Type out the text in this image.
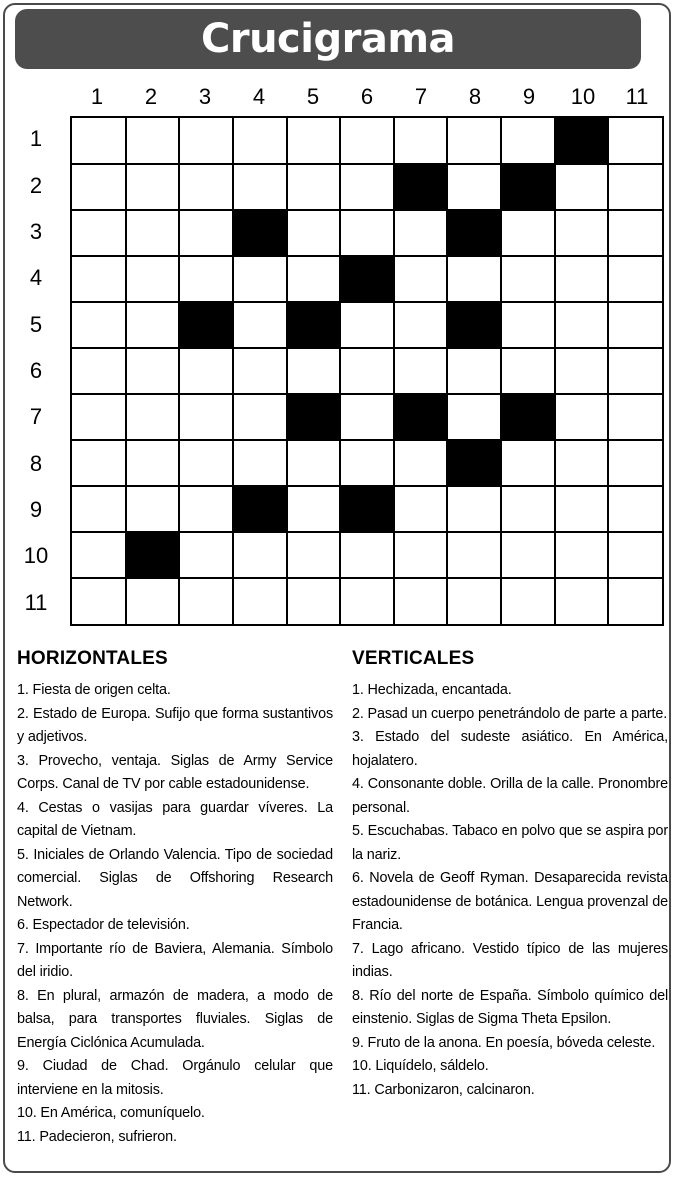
Crucigrama
1	2	3	4	5	6	7	8	9	10	11
1
2
3
4
5
6
7
8
9
10
11
HORIZONTALES

1. Fiesta de origen celta.

2. Estado de Europa. Sufijo que forma sustantivos y adjetivos.

3. Provecho, ventaja. Siglas de Army Service Corps. Canal de TV por cable estadounidense.

4. Cestas o vasijas para guardar víveres. La capital de Vietnam.

5. Iniciales de Orlando Valencia. Tipo de sociedad comercial. Siglas de Offshoring Research Network.

6. Espectador de televisión.

7. Importante río de Baviera, Alemania. Símbolo del iridio.

8. En plural, armazón de madera, a modo de balsa, para transportes fluviales. Siglas de Energía Ciclónica Acumulada.

9. Ciudad de Chad. Orgánulo celular que interviene en la mitosis.

10. En América, comuníquelo.

11. Padecieron, sufrieron.

VERTICALES

1. Hechizada, encantada.

2. Pasad un cuerpo penetrándolo de parte a parte.

3. Estado del sudeste asiático. En América, hojalatero.

4. Consonante doble. Orilla de la calle. Pronombre personal.

5. Escuchabas. Tabaco en polvo que se aspira por la nariz.

6. Novela de Geoff Ryman. Desaparecida revista estadounidense de botánica. Lengua provenzal de Francia.

7. Lago africano. Vestido típico de las mujeres indias.

8. Río del norte de España. Símbolo químico del einstenio. Siglas de Sigma Theta Epsilon.

9. Fruto de la anona. En poesía, bóveda celeste.

10. Liquídelo, sáldelo.

11. Carbonizaron, calcinaron.
